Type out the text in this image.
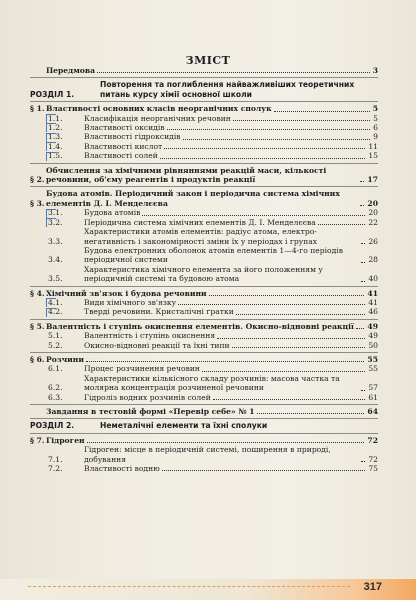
ЗМІСТ
Передмова	3
РОЗДІЛ 1.
Повторення та поглиблення найважливіших теоретичних питань курсу хімії основної школи
§ 1. Властивості основних класів неорганічних сполук	5
1.1.	Класифікація неорганічних речовин	5
1.2.	Властивості оксидів	6
1.3.	Властивості гідроксидів	9
1.4.	Властивості кислот	11
1.5.	Властивості солей	15
§ 2.
Обчислення за хімічними рівняннями реакцій маси, кількості речовини, об'єму реагентів і продуктів реакції	17
§ 3.
Будова атомів. Періодичний закон і періодична система хімічних елементів Д. І. Менделєєва	20
3.1.	Будова атомів	20
3.2.	Періодична система хімічних елементів Д. І. Менделєєва	22
3.3.
Характеристики атомів елементів: радіус атома, електро-негативність і закономірності зміни їх у періодах і групах	26
3.4.
Будова електронних оболонок атомів елементів 1—4-го періодів періодичної системи	28
3.5.
Характеристика хімічного елемента за його положенням у періодичній системі та будовою атома	40
§ 4. Хімічний зв'язок і будова речовини	41
4.1.	Види хімічного зв'язку	41
4.2.	Тверді речовини. Кристалічні ґратки	46
§ 5. Валентність і ступінь окиснення елементів. Окисно-відновні реакції 49
5.1.	Валентність і ступінь окиснення	49
5.2.	Окисно-відновні реакції та їхні типи	50
§ 6. Розчини	55
6.1.	Процес розчинення речовин	55
6.2.
Характеристики кількісного складу розчинів: масова частка та молярна концентрація розчиненої речовини	57
6.3.	Гідроліз водних розчинів солей	61
Завдання в тестовій формі «Перевір себе» № 1	64
РОЗДІЛ 2.	Неметалічні елементи та їхні сполуки
§ 7. Гідроген	72
7.1.
Гідроген: місце в періодичній системі, поширення в природі, добування	72
7.2.	Властивості водню	75
317
